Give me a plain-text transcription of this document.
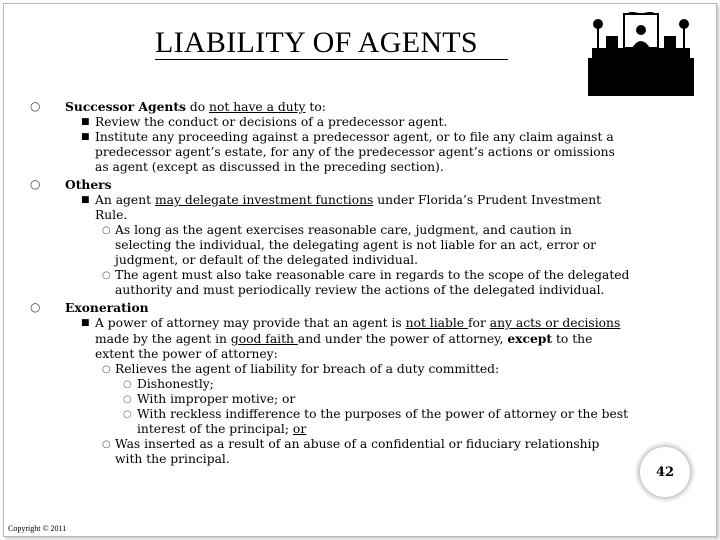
LIABILITY OF AGENTS
○ Successor Agents do not have a duty to:
■ Review the conduct or decisions of a predecessor agent.
■ Institute any proceeding against a predecessor agent, or to file any claim against a predecessor agent’s estate, for any of the predecessor agent’s actions or omissions as agent (except as discussed in the preceding section).
○ Others
■ An agent may delegate investment functions under Florida’s Prudent Investment Rule.
○ As long as the agent exercises reasonable care, judgment, and caution in selecting the individual, the delegating agent is not liable for an act, error or judgment, or default of the delegated individual.
○ The agent must also take reasonable care in regards to the scope of the delegated authority and must periodically review the actions of the delegated individual.
○ Exoneration
■ A power of attorney may provide that an agent is not liable for any acts or decisions made by the agent in good faith and under the power of attorney, except to the extent the power of attorney:
○ Relieves the agent of liability for breach of a duty committed:
○ Dishonestly;
○ With improper motive; or
○ With reckless indifference to the purposes of the power of attorney or the best interest of the principal; or
○ Was inserted as a result of an abuse of a confidential or fiduciary relationship with the principal.
42
Copyright © 2011
